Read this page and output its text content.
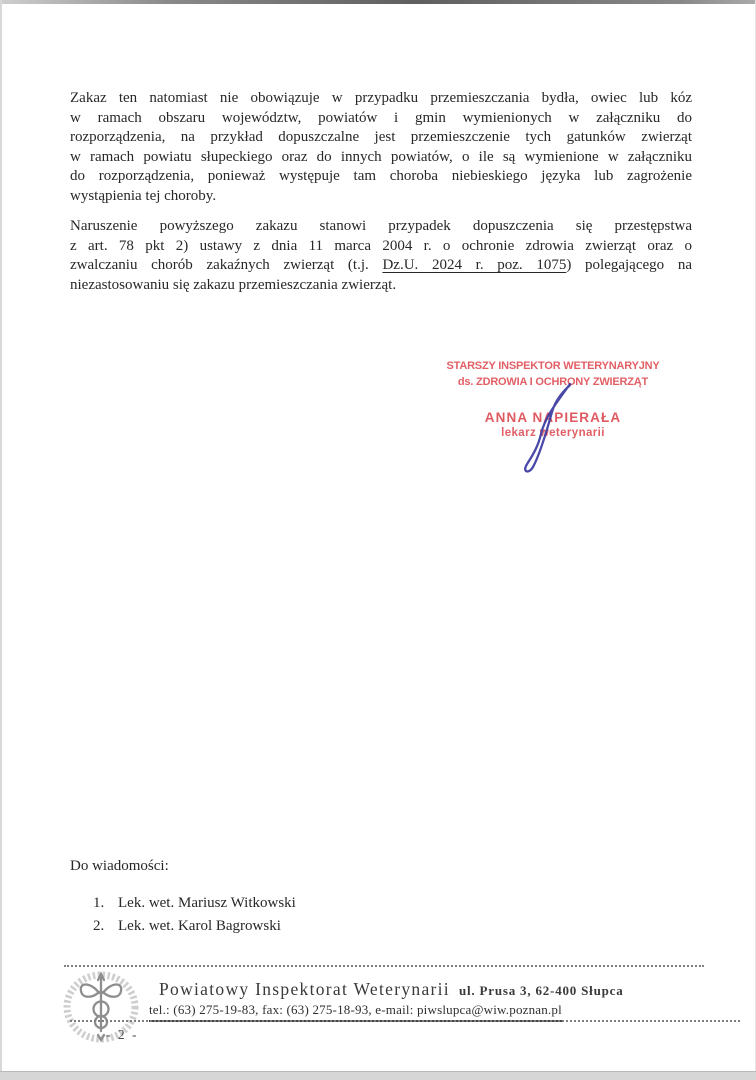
Zakaz ten natomiast nie obowiązuje w przypadku przemieszczania bydła, owiec lub kóz
w ramach obszaru województw, powiatów i gmin wymienionych w załączniku do
rozporządzenia, na przykład dopuszczalne jest przemieszczenie tych gatunków zwierząt
w ramach powiatu słupeckiego oraz do innych powiatów, o ile są wymienione w załączniku
do rozporządzenia, ponieważ występuje tam choroba niebieskiego języka lub zagrożenie
wystąpienia tej choroby.
Naruszenie powyższego zakazu stanowi przypadek dopuszczenia się przestępstwa
z art. 78 pkt 2) ustawy z dnia 11 marca 2004 r. o ochronie zdrowia zwierząt oraz o
zwalczaniu chorób zakaźnych zwierząt (t.j. Dz.U. 2024 r. poz. 1075) polegającego na
niezastosowaniu się zakazu przemieszczania zwierząt.
STARSZY INSPEKTOR WETERYNARYJNY
ds. ZDROWIA I OCHRONY ZWIERZĄT
ANNA NAPIERAŁA
lekarz weterynarii
Do wiadomości:
1. Lek. wet. Mariusz Witkowski
2. Lek. wet. Karol Bagrowski
Powiatowy Inspektorat Weterynarii ul. Prusa 3, 62-400 Słupca
tel.: (63) 275-19-83, fax: (63) 275-18-93, e-mail: piwslupca@wiw.poznan.pl
- 2 -
